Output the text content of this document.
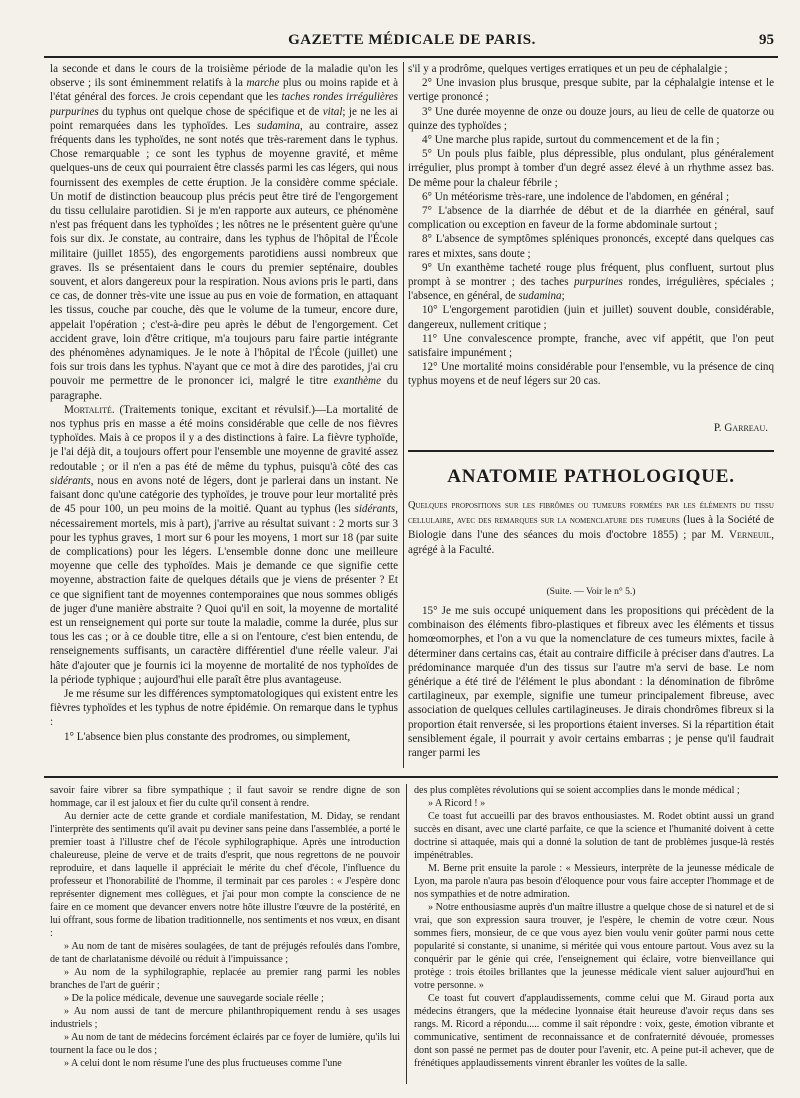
GAZETTE MÉDICALE DE PARIS.	95

la seconde et dans le cours de la troisième période de la maladie qu'on les observe ; ils sont éminemment relatifs à la marche plus ou moins rapide et à l'état général des forces. Je crois cependant que les taches rondes irrégulières purpurines du typhus ont quelque chose de spécifique et de vital; je ne les ai point remarquées dans les typhoïdes. Les sudamina, au contraire, assez fréquents dans les typhoïdes, ne sont notés que très-rarement dans le typhus. Chose remarquable ; ce sont les typhus de moyenne gravité, et même quelques-uns de ceux qui pourraient être classés parmi les cas légers, qui nous fournissent des exemples de cette éruption. Je la considère comme spéciale. Un motif de distinction beaucoup plus précis peut être tiré de l'engorgement du tissu cellulaire parotidien. Si je m'en rapporte aux auteurs, ce phénomène n'est pas fréquent dans les typhoïdes ; les nôtres ne le présentent guère qu'une fois sur dix. Je constate, au contraire, dans les typhus de l'hôpital de l'École militaire (juillet 1855), des engorgements parotidiens aussi nombreux que graves. Ils se présentaient dans le cours du premier septénaire, doubles souvent, et alors dangereux pour la respiration. Nous avions pris le parti, dans ce cas, de donner très-vite une issue au pus en voie de formation, en attaquant les tissus, couche par couche, dès que le volume de la tumeur, encore dure, appelait l'opération ; c'est-à-dire peu après le début de l'engorgement. Cet accident grave, loin d'être critique, m'a toujours paru faire partie intégrante des phénomènes adynamiques. Je le note à l'hôpital de l'École (juillet) une fois sur trois dans les typhus. N'ayant que ce mot à dire des parotides, j'ai cru pouvoir me permettre de le prononcer ici, malgré le titre exanthème du paragraphe.

Mortalité. (Traitements tonique, excitant et révulsif.)—La mortalité de nos typhus pris en masse a été moins considérable que celle de nos fièvres typhoïdes. Mais à ce propos il y a des distinctions à faire. La fièvre typhoïde, je l'ai déjà dit, a toujours offert pour l'ensemble une moyenne de gravité assez redoutable ; or il n'en a pas été de même du typhus, puisqu'à côté des cas sidérants, nous en avons noté de légers, dont je parlerai dans un instant. Ne faisant donc qu'une catégorie des typhoïdes, je trouve pour leur mortalité près de 45 pour 100, un peu moins de la moitié. Quant au typhus (les sidérants, nécessairement mortels, mis à part), j'arrive au résultat suivant : 2 morts sur 3 pour les typhus graves, 1 mort sur 6 pour les moyens, 1 mort sur 18 (par suite de complications) pour les légers. L'ensemble donne donc une meilleure moyenne que celle des typhoïdes. Mais je demande ce que signifie cette moyenne, abstraction faite de quelques détails que je viens de présenter ? Et ce que signifient tant de moyennes contemporaines que nous sommes obligés de juger d'une manière abstraite ? Quoi qu'il en soit, la moyenne de mortalité est un renseignement qui porte sur toute la maladie, comme la durée, plus sur tous les cas ; or à ce double titre, elle a si on l'entoure, c'est bien entendu, de renseignements suffisants, un caractère différentiel d'une réelle valeur. J'ai hâte d'ajouter que je fournis ici la moyenne de mortalité de nos typhoïdes de la période typhique ; aujourd'hui elle paraît être plus avantageuse.

Je me résume sur les différences symptomatologiques qui existent entre les fièvres typhoïdes et les typhus de notre épidémie. On remarque dans le typhus :

1° L'absence bien plus constante des prodromes, ou simplement,

s'il y a prodrôme, quelques vertiges erratiques et un peu de céphalalgie ;

2° Une invasion plus brusque, presque subite, par la céphalalgie intense et le vertige prononcé ;

3° Une durée moyenne de onze ou douze jours, au lieu de celle de quatorze ou quinze des typhoïdes ;

4° Une marche plus rapide, surtout du commencement et de la fin ;

5° Un pouls plus faible, plus dépressible, plus ondulant, plus généralement irrégulier, plus prompt à tomber d'un degré assez élevé à un rhythme assez bas. De même pour la chaleur fébrile ;

6° Un météorisme très-rare, une indolence de l'abdomen, en général ;

7° L'absence de la diarrhée de début et de la diarrhée en général, sauf complication ou exception en faveur de la forme abdominale surtout ;

8° L'absence de symptômes spléniques prononcés, excepté dans quelques cas rares et mixtes, sans doute ;

9° Un exanthème tacheté rouge plus fréquent, plus confluent, surtout plus prompt à se montrer ; des taches purpurines rondes, irrégulières, spéciales ; l'absence, en général, de sudamina;

10° L'engorgement parotidien (juin et juillet) souvent double, considérable, dangereux, nullement critique ;

11° Une convalescence prompte, franche, avec vif appétit, que l'on peut satisfaire impunément ;

12° Une mortalité moins considérable pour l'ensemble, vu la présence de cinq typhus moyens et de neuf légers sur 20 cas.

P. Garreau.
ANATOMIE PATHOLOGIQUE.

Quelques propositions sur les fibrômes ou tumeurs formées par les éléments du tissu cellulaire, avec des remarques sur la nomenclature des tumeurs (lues à la Société de Biologie dans l'une des séances du mois d'octobre 1855) ; par M. Verneuil, agrégé à la Faculté.

(Suite. — Voir le n° 5.)

15° Je me suis occupé uniquement dans les propositions qui précèdent de la combinaison des éléments fibro-plastiques et fibreux avec les éléments et tissus homœomorphes, et l'on a vu que la nomenclature de ces tumeurs mixtes, facile à déterminer dans certains cas, était au contraire difficile à préciser dans d'autres. La prédominance marquée d'un des tissus sur l'autre m'a servi de base. Le nom générique a été tiré de l'élément le plus abondant : la dénomination de fibrôme cartilagineux, par exemple, signifie une tumeur principalement fibreuse, avec association de quelques cellules cartilagineuses. Je dirais chondrômes fibreux si la proportion était renversée, si les proportions étaient inverses. Si la répartition était sensiblement égale, il pourrait y avoir certains embarras ; je pense qu'il faudrait ranger parmi les

savoir faire vibrer sa fibre sympathique ; il faut savoir se rendre digne de son hommage, car il est jaloux et fier du culte qu'il consent à rendre.

Au dernier acte de cette grande et cordiale manifestation, M. Diday, se rendant l'interprète des sentiments qu'il avait pu deviner sans peine dans l'assemblée, a porté le premier toast à l'illustre chef de l'école syphilographique. Après une introduction chaleureuse, pleine de verve et de traits d'esprit, que nous regrettons de ne pouvoir reproduire, et dans laquelle il appréciait le mérite du chef d'école, l'influence du professeur et l'honorabilité de l'homme, il terminait par ces paroles : « J'espère donc représenter dignement mes collègues, et j'ai pour mon compte la conscience de ne faire en ce moment que devancer envers notre hôte illustre l'œuvre de la postérité, en lui offrant, sous forme de libation traditionnelle, nos sentiments et nos vœux, en disant :

» Au nom de tant de misères soulagées, de tant de préjugés refoulés dans l'ombre, de tant de charlatanisme dévoilé ou réduit à l'impuissance ;

» Au nom de la syphilographie, replacée au premier rang parmi les nobles branches de l'art de guérir ;

» De la police médicale, devenue une sauvegarde sociale réelle ;

» Au nom aussi de tant de mercure philanthropiquement rendu à ses usages industriels ;

» Au nom de tant de médecins forcément éclairés par ce foyer de lumière, qu'ils lui tournent la face ou le dos ;

» A celui dont le nom résume l'une des plus fructueuses comme l'une

des plus complètes révolutions qui se soient accomplies dans le monde médical ;

» A Ricord ! »

Ce toast fut accueilli par des bravos enthousiastes. M. Rodet obtint aussi un grand succès en disant, avec une clarté parfaite, ce que la science et l'humanité doivent à cette doctrine si attaquée, mais qui a donné la solution de tant de problèmes jusque-là restés impénétrables.

M. Berne prit ensuite la parole : « Messieurs, interprète de la jeunesse médicale de Lyon, ma parole n'aura pas besoin d'éloquence pour vous faire accepter l'hommage et de nos sympathies et de notre admiration.

» Notre enthousiasme auprès d'un maître illustre a quelque chose de si naturel et de si vrai, que son expression saura trouver, je l'espère, le chemin de votre cœur. Nous sommes fiers, monsieur, de ce que vous ayez bien voulu venir goûter parmi nous cette popularité si constante, si unanime, si méritée qui vous entoure partout. Vous avez su la conquérir par le génie qui crée, l'enseignement qui éclaire, votre bienveillance qui protège : trois étoiles brillantes que la jeunesse médicale vient saluer aujourd'hui en votre personne. »

Ce toast fut couvert d'applaudissements, comme celui que M. Giraud porta aux médecins étrangers, que la médecine lyonnaise était heureuse d'avoir reçus dans ses rangs. M. Ricord a répondu..... comme il sait répondre : voix, geste, émotion vibrante et communicative, sentiment de reconnaissance et de confraternité dévouée, promesses dont son passé ne permet pas de douter pour l'avenir, etc. A peine put-il achever, que de frénétiques applaudissements vinrent ébranler les voûtes de la salle.
